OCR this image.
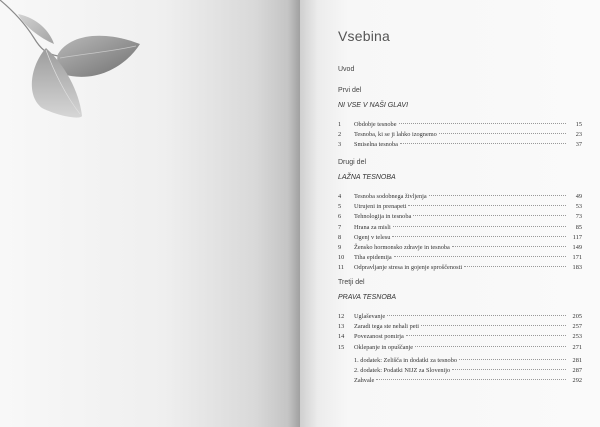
Vsebina
Uvod
Prvi del
NI VSE V NAŠI GLAVI
1	Obdobje tesnobe	15
2	Tesnoba, ki se ji lahko izognemo	23
3	Smiselna tesnoba	37
Drugi del
LAŽNA TESNOBA
4	Tesnoba sodobnega življenja	49
5	Utrujeni in prenapeti	53
6	Tehnologija in tesnoba	73
7	Hrana za misli	85
8	Ogenj v telesu	117
9	Žensko hormonsko zdravje in tesnoba	149
10	Tiha epidemija	171
11	Odpravljanje stresa in gojenje sproščenosti	183
Tretji del
PRAVA TESNOBA
12	Uglaševanje	205
13	Zaradi tega ste nehali peti	257
14	Povezanost pomirja	253
15	Oklepanje in opuščanje	271
1. dodatek: Zelišča in dodatki za tesnobo	281
2. dodatek: Podatki NIJZ za Slovenijo	287
Zahvale	292
